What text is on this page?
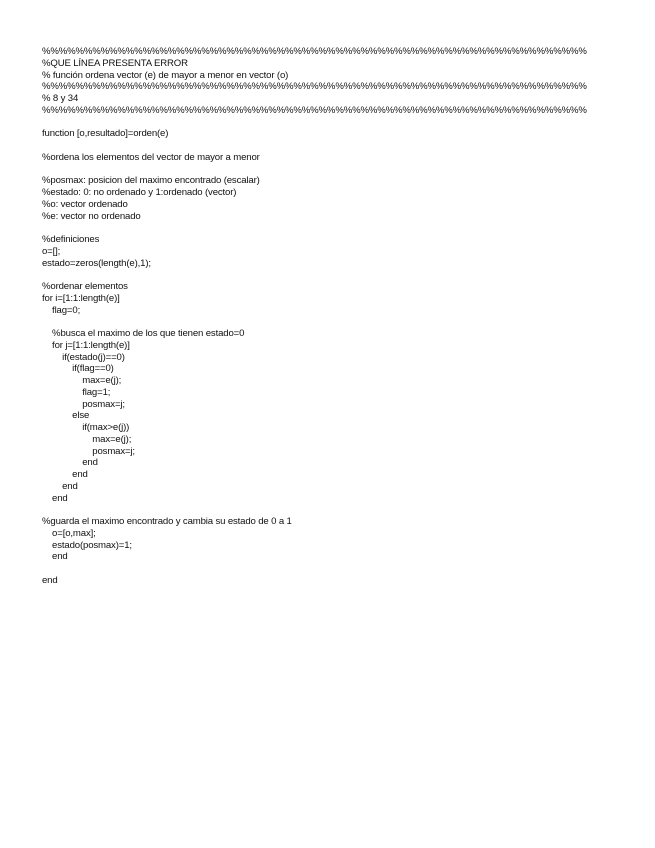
%%%%%%%%%%%%%%%%%%%%%%%%%%%%%%%%%%%%%%%%%%%%%%%%%%%%%%%%%%%%%%%%%
%QUE LÍNEA PRESENTA ERROR
% función ordena vector (e) de mayor a menor en vector (o)
%%%%%%%%%%%%%%%%%%%%%%%%%%%%%%%%%%%%%%%%%%%%%%%%%%%%%%%%%%%%%%%%%
% 8 y 34
%%%%%%%%%%%%%%%%%%%%%%%%%%%%%%%%%%%%%%%%%%%%%%%%%%%%%%%%%%%%%%%%%
function [o,resultado]=orden(e)
%ordena los elementos del vector de mayor a menor
%posmax: posicion del maximo encontrado (escalar)
%estado: 0: no ordenado y 1:ordenado (vector)
%o: vector ordenado
%e: vector no ordenado
%definiciones
o=[];
estado=zeros(length(e),1);
%ordenar elementos
for i=[1:1:length(e)]
flag=0;
%busca el maximo de los que tienen estado=0
for j=[1:1:length(e)]
if(estado(j)==0)
if(flag==0)
max=e(j);
flag=1;
posmax=j;
else
if(max>e(j))
max=e(j);
posmax=j;
end
end
end
end
%guarda el maximo encontrado y cambia su estado de 0 a 1
o=[o,max];
estado(posmax)=1;
end
end
